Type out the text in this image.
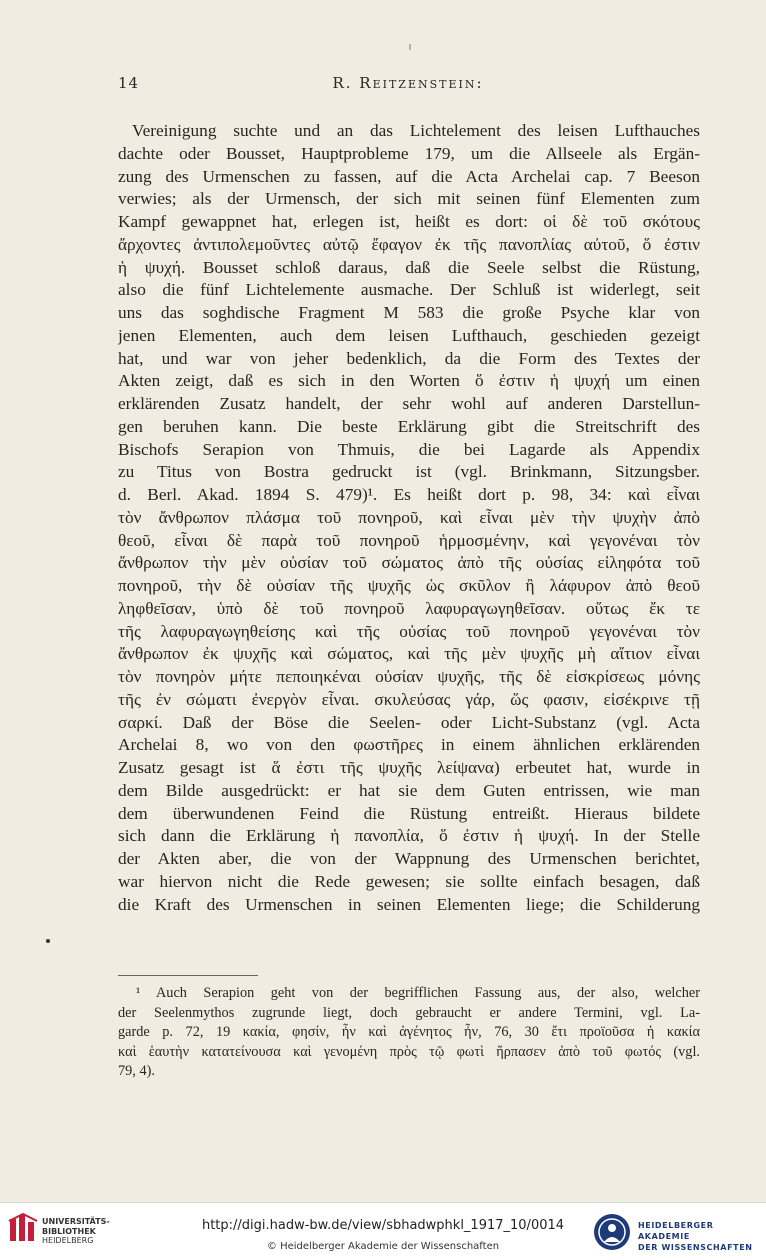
14	R. Reitzenstein:
Vereinigung suchte und an das Lichtelement des leisen Lufthauches
dachte oder Bousset, Hauptprobleme 179, um die Allseele als Ergän-
zung des Urmenschen zu fassen, auf die Acta Archelai cap. 7 Beeson
verwies; als der Urmensch, der sich mit seinen fünf Elementen zum
Kampf gewappnet hat, erlegen ist, heißt es dort: οἱ δὲ τοῦ σκότους
ἄρχοντες ἀντιπολεμοῦντες αὐτῷ ἔφαγον ἐκ τῆς πανοπλίας αὐτοῦ, ὅ ἐστιν
ἡ ψυχή. Bousset schloß daraus, daß die Seele selbst die Rüstung,
also die fünf Lichtelemente ausmache. Der Schluß ist widerlegt, seit
uns das soghdische Fragment M 583 die große Psyche klar von
jenen Elementen, auch dem leisen Lufthauch, geschieden gezeigt
hat, und war von jeher bedenklich, da die Form des Textes der
Akten zeigt, daß es sich in den Worten ὅ ἐστιν ἡ ψυχή um einen
erklärenden Zusatz handelt, der sehr wohl auf anderen Darstellun-
gen beruhen kann. Die beste Erklärung gibt die Streitschrift des
Bischofs Serapion von Thmuis, die bei Lagarde als Appendix
zu Titus von Bostra gedruckt ist (vgl. Brinkmann, Sitzungsber.
d. Berl. Akad. 1894 S. 479)¹. Es heißt dort p. 98, 34: καὶ εἶναι
τὸν ἄνθρωπον πλάσμα τοῦ πονηροῦ, καὶ εἶναι μὲν τὴν ψυχὴν ἀπὸ
θεοῦ, εἶναι δὲ παρὰ τοῦ πονηροῦ ἡρμοσμένην, καὶ γεγονέναι τὸν
ἄνθρωπον τὴν μὲν οὐσίαν τοῦ σώματος ἀπὸ τῆς οὐσίας εἰληφότα τοῦ
πονηροῦ, τὴν δὲ οὐσίαν τῆς ψυχῆς ὡς σκῦλον ἢ λάφυρον ἀπὸ θεοῦ
ληφθεῖσαν, ὑπὸ δὲ τοῦ πονηροῦ λαφυραγωγηθεῖσαν. οὕτως ἔκ τε
τῆς λαφυραγωγηθείσης καὶ τῆς οὐσίας τοῦ πονηροῦ γεγονέναι τὸν
ἄνθρωπον ἐκ ψυχῆς καὶ σώματος, καὶ τῆς μὲν ψυχῆς μὴ αἴτιον εἶναι
τὸν πονηρὸν μήτε πεποιηκέναι οὐσίαν ψυχῆς, τῆς δὲ εἰσκρίσεως μόνης
τῆς ἐν σώματι ἐνεργὸν εἶναι. σκυλεύσας γάρ, ὥς φασιν, εἰσέκρινε τῇ
σαρκί. Daß der Böse die Seelen- oder Licht-Substanz (vgl. Acta
Archelai 8, wo von den φωστῆρες in einem ähnlichen erklärenden
Zusatz gesagt ist ἅ ἐστι τῆς ψυχῆς λείψανα) erbeutet hat, wurde in
dem Bilde ausgedrückt: er hat sie dem Guten entrissen, wie man
dem überwundenen Feind die Rüstung entreißt. Hieraus bildete
sich dann die Erklärung ἡ πανοπλία, ὅ ἐστιν ἡ ψυχή. In der Stelle
der Akten aber, die von der Wappnung des Urmenschen berichtet,
war hiervon nicht die Rede gewesen; sie sollte einfach besagen, daß
die Kraft des Urmenschen in seinen Elementen liege; die Schilderung
¹ Auch Serapion geht von der begrifflichen Fassung aus, der also, welcher
der Seelenmythos zugrunde liegt, doch gebraucht er andere Termini, vgl. La-
garde p. 72, 19 κακία, φησίν, ἦν καὶ ἀγένητος ἦν, 76, 30 ἔτι προϊοῦσα ἡ κακία
καὶ ἑαυτὴν κατατείνουσα καὶ γενομένη πρὸς τῷ φωτὶ ἥρπασεν ἀπὸ τοῦ φωτός (vgl.
79, 4).
UNIVERSITÄTS-
BIBLIOTHEK
HEIDELBERG
http://digi.hadw-bw.de/view/sbhadwphkl_1917_10/0014
© Heidelberger Akademie der Wissenschaften
HEIDELBERGER AKADEMIE
DER WISSENSCHAFTEN
